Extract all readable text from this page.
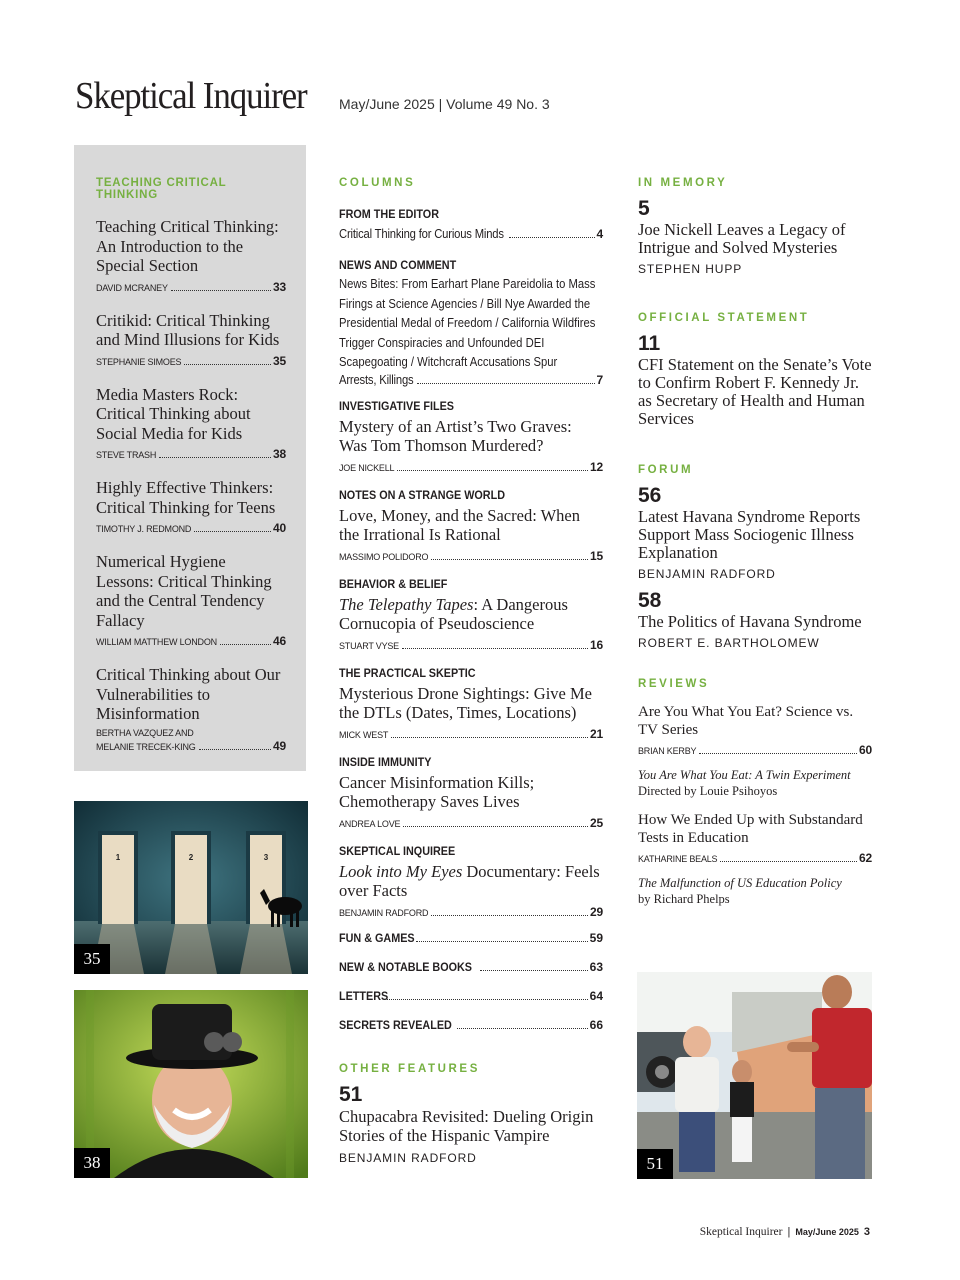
Skeptical Inquirer May/June 2025 | Volume 49 No. 3
TEACHING CRITICAL THINKING
Teaching Critical Thinking: An Introduction to the Special Section
DAVID MCRANEY	33
Critikid: Critical Thinking and Mind Illusions for Kids
STEPHANIE SIMOES	35
Media Masters Rock: Critical Thinking about Social Media for Kids
STEVE TRASH	38
Highly Effective Thinkers: Critical Thinking for Teens
TIMOTHY J. REDMOND	40
Numerical Hygiene Lessons: Critical Thinking and the Central Tendency Fallacy
WILLIAM MATTHEW LONDON	46
Critical Thinking about Our Vulnerabilities to Misinformation
BERTHA VAZQUEZ AND
MELANIE TRECEK-KING	49
1	2	3
35
38
COLUMNS
FROM THE EDITOR
Critical Thinking for Curious Minds	4
NEWS AND COMMENT
News Bites: From Earhart Plane Pareidolia to Mass Firings at Science Agencies / Bill Nye Awarded the Presidential Medal of Freedom / California Wildfires Trigger Conspiracies and Unfounded DEI Scapegoating / Witchcraft Accusations Spur
Arrests, Killings	7
INVESTIGATIVE FILES
Mystery of an Artist’s Two Graves: Was Tom Thomson Murdered?
JOE NICKELL	12
NOTES ON A STRANGE WORLD
Love, Money, and the Sacred: When the Irrational Is Rational
MASSIMO POLIDORO	15
BEHAVIOR & BELIEF
The Telepathy Tapes: A Dangerous Cornucopia of Pseudoscience
STUART VYSE	16
THE PRACTICAL SKEPTIC
Mysterious Drone Sightings: Give Me the DTLs (Dates, Times, Locations)
MICK WEST	21
INSIDE IMMUNITY
Cancer Misinformation Kills; Chemotherapy Saves Lives
ANDREA LOVE	25
SKEPTICAL INQUIREE
Look into My Eyes Documentary: Feels over Facts
BENJAMIN RADFORD	29
FUN & GAMES	59
NEW & NOTABLE BOOKS	63
LETTERS	64
SECRETS REVEALED	66
OTHER FEATURES
51
Chupacabra Revisited: Dueling Origin Stories of the Hispanic Vampire
BENJAMIN RADFORD
IN MEMORY
5
Joe Nickell Leaves a Legacy of Intrigue and Solved Mysteries
STEPHEN HUPP
OFFICIAL STATEMENT
11
CFI Statement on the Senate’s Vote to Confirm Robert F. Kennedy Jr. as Secretary of Health and Human Services
FORUM
56
Latest Havana Syndrome Reports Support Mass Sociogenic Illness Explanation
BENJAMIN RADFORD
58
The Politics of Havana Syndrome
ROBERT E. BARTHOLOMEW
REVIEWS
Are You What You Eat? Science vs. TV Series
BRIAN KERBY	60
You Are What You Eat: A Twin Experiment
Directed by Louie Psihoyos
How We Ended Up with Substandard Tests in Education
KATHARINE BEALS	62
The Malfunction of US Education Policy
by Richard Phelps
51
Skeptical Inquirer | May/June 2025 3
